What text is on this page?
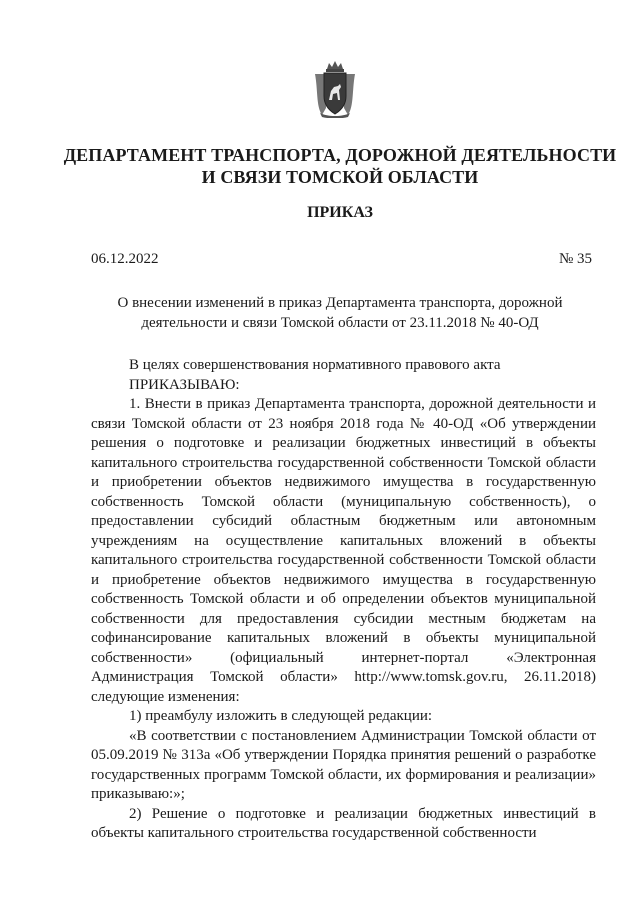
ДЕПАРТАМЕНТ ТРАНСПОРТА, ДОРОЖНОЙ ДЕЯТЕЛЬНОСТИ
И СВЯЗИ ТОМСКОЙ ОБЛАСТИ
ПРИКАЗ
06.12.2022	№ 35
О внесении изменений в приказ Департамента транспорта, дорожной
деятельности и связи Томской области от 23.11.2018 № 40-ОД

В целях совершенствования нормативного правового акта

ПРИКАЗЫВАЮ:

1. Внести в приказ Департамента транспорта, дорожной деятельности и связи Томской области от 23 ноября 2018 года № 40-ОД «Об утверждении решения о подготовке и реализации бюджетных инвестиций в объекты капитального строительства государственной собственности Томской области и приобретении объектов недвижимого имущества в государственную собственность Томской области (муниципальную собственность), о предоставлении субсидий областным бюджетным или автономным учреждениям на осуществление капитальных вложений в объекты капитального строительства государственной собственности Томской области и приобретение объектов недвижимого имущества в государственную собственность Томской области и об определении объектов муниципальной собственности для предоставления субсидии местным бюджетам на софинансирование капитальных вложений в объекты муниципальной собственности» (официальный интернет-портал «Электронная Администрация Томской области» http://www.tomsk.gov.ru, 26.11.2018) следующие изменения:

1) преамбулу изложить в следующей редакции:

«В соответствии с постановлением Администрации Томской области от 05.09.2019 № 313а «Об утверждении Порядка принятия решений о разработке государственных программ Томской области, их формирования и реализации» приказываю:»;

2) Решение о подготовке и реализации бюджетных инвестиций в объекты капитального строительства государственной собственности
